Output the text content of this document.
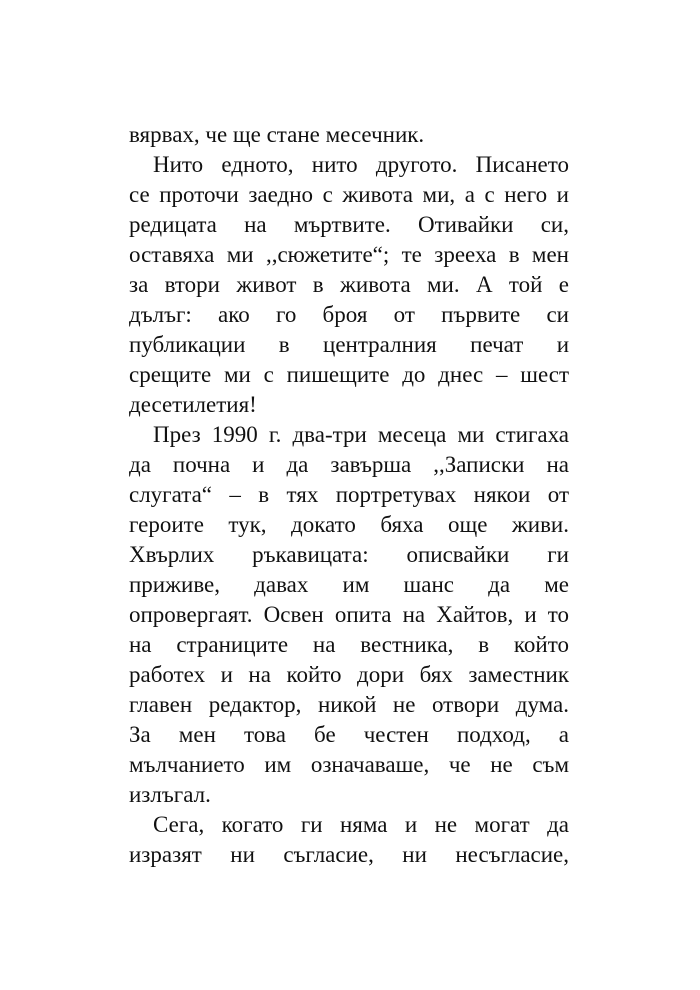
вярвах, че ще стане месечник.
Нито едното, нито другото. Писането
се проточи заедно с живота ми, а с него и
редицата на мъртвите. Отивайки си,
оставяха ми ,,сюжетите“; те зрееха в мен
за втори живот в живота ми. А той е
дълъг: ако го броя от първите си
публикации в централния печат и
срещите ми с пишещите до днес – шест
десетилетия!
През 1990 г. два-три месеца ми стигаха
да почна и да завърша ,,Записки на
слугата“ – в тях портретувах някои от
героите тук, докато бяха още живи.
Хвърлих ръкавицата: описвайки ги
приживе, давах им шанс да ме
опровергаят. Освен опита на Хайтов, и то
на страниците на вестника, в който
работех и на който дори бях заместник
главен редактор, никой не отвори дума.
За мен това бе честен подход, а
мълчанието им означаваше, че не съм
излъгал.
Сега, когато ги няма и не могат да
изразят ни съгласие, ни несъгласие,
